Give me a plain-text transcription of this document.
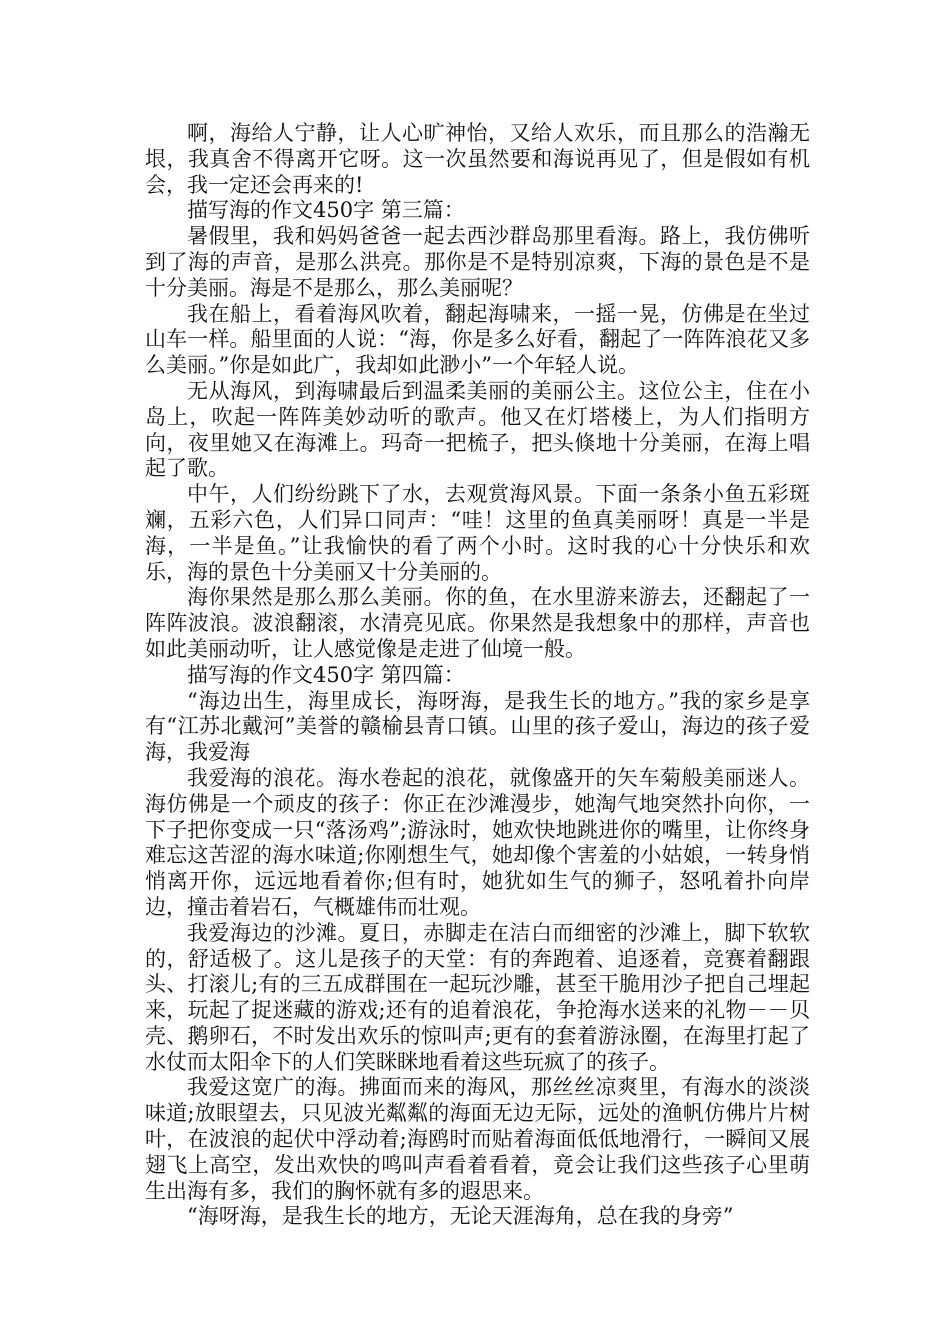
啊，海给人宁静，让人心旷神怡，又给人欢乐，而且那么的浩瀚无垠，我真舍不得离开它呀。这一次虽然要和海说再见了，但是假如有机会，我一定还会再来的!

描写海的作文450字 第三篇：

暑假里，我和妈妈爸爸一起去西沙群岛那里看海。路上，我仿佛听到了海的声音，是那么洪亮。那你是不是特别凉爽，下海的景色是不是十分美丽。海是不是那么，那么美丽呢？

我在船上，看着海风吹着，翻起海啸来，一摇一晃，仿佛是在坐过山车一样。船里面的人说：“海，你是多么好看，翻起了一阵阵浪花又多么美丽。”你是如此广，我却如此渺小”一个年轻人说。

无从海风，到海啸最后到温柔美丽的美丽公主。这位公主，住在小岛上，吹起一阵阵美妙动听的歌声。他又在灯塔楼上，为人们指明方向，夜里她又在海滩上。玛奇一把梳子，把头倏地十分美丽，在海上唱起了歌。

中午，人们纷纷跳下了水，去观赏海风景。下面一条条小鱼五彩斑斓，五彩六色，人们异口同声：“哇！这里的鱼真美丽呀！真是一半是海，一半是鱼。”让我愉快的看了两个小时。这时我的心十分快乐和欢乐，海的景色十分美丽又十分美丽的。

海你果然是那么那么美丽。你的鱼，在水里游来游去，还翻起了一阵阵波浪。波浪翻滚，水清亮见底。你果然是我想象中的那样，声音也如此美丽动听，让人感觉像是走进了仙境一般。

描写海的作文450字 第四篇：

“海边出生，海里成长，海呀海，是我生长的地方。”我的家乡是享有“江苏北戴河”美誉的赣榆县青口镇。山里的孩子爱山，海边的孩子爱海，我爱海

我爱海的浪花。海水卷起的浪花，就像盛开的矢车菊般美丽迷人。海仿佛是一个顽皮的孩子：你正在沙滩漫步，她淘气地突然扑向你，一下子把你变成一只“落汤鸡”;游泳时，她欢快地跳进你的嘴里，让你终身难忘这苦涩的海水味道;你刚想生气，她却像个害羞的小姑娘，一转身悄悄离开你，远远地看着你;但有时，她犹如生气的狮子，怒吼着扑向岸边，撞击着岩石，气概雄伟而壮观。

我爱海边的沙滩。夏日，赤脚走在洁白而细密的沙滩上，脚下软软的，舒适极了。这儿是孩子的天堂：有的奔跑着、追逐着，竞赛着翻跟头、打滚儿;有的三五成群围在一起玩沙雕，甚至干脆用沙子把自己埋起来，玩起了捉迷藏的游戏;还有的追着浪花，争抢海水送来的礼物－－贝壳、鹅卵石，不时发出欢乐的惊叫声;更有的套着游泳圈，在海里打起了水仗而太阳伞下的人们笑眯眯地看着这些玩疯了的孩子。

我爱这宽广的海。拂面而来的海风，那丝丝凉爽里，有海水的淡淡味道;放眼望去，只见波光粼粼的海面无边无际，远处的渔帆仿佛片片树叶，在波浪的起伏中浮动着;海鸥时而贴着海面低低地滑行，一瞬间又展翅飞上高空，发出欢快的鸣叫声看着看着，竟会让我们这些孩子心里萌生出海有多，我们的胸怀就有多的遐思来。

“海呀海，是我生长的地方，无论天涯海角，总在我的身旁”
